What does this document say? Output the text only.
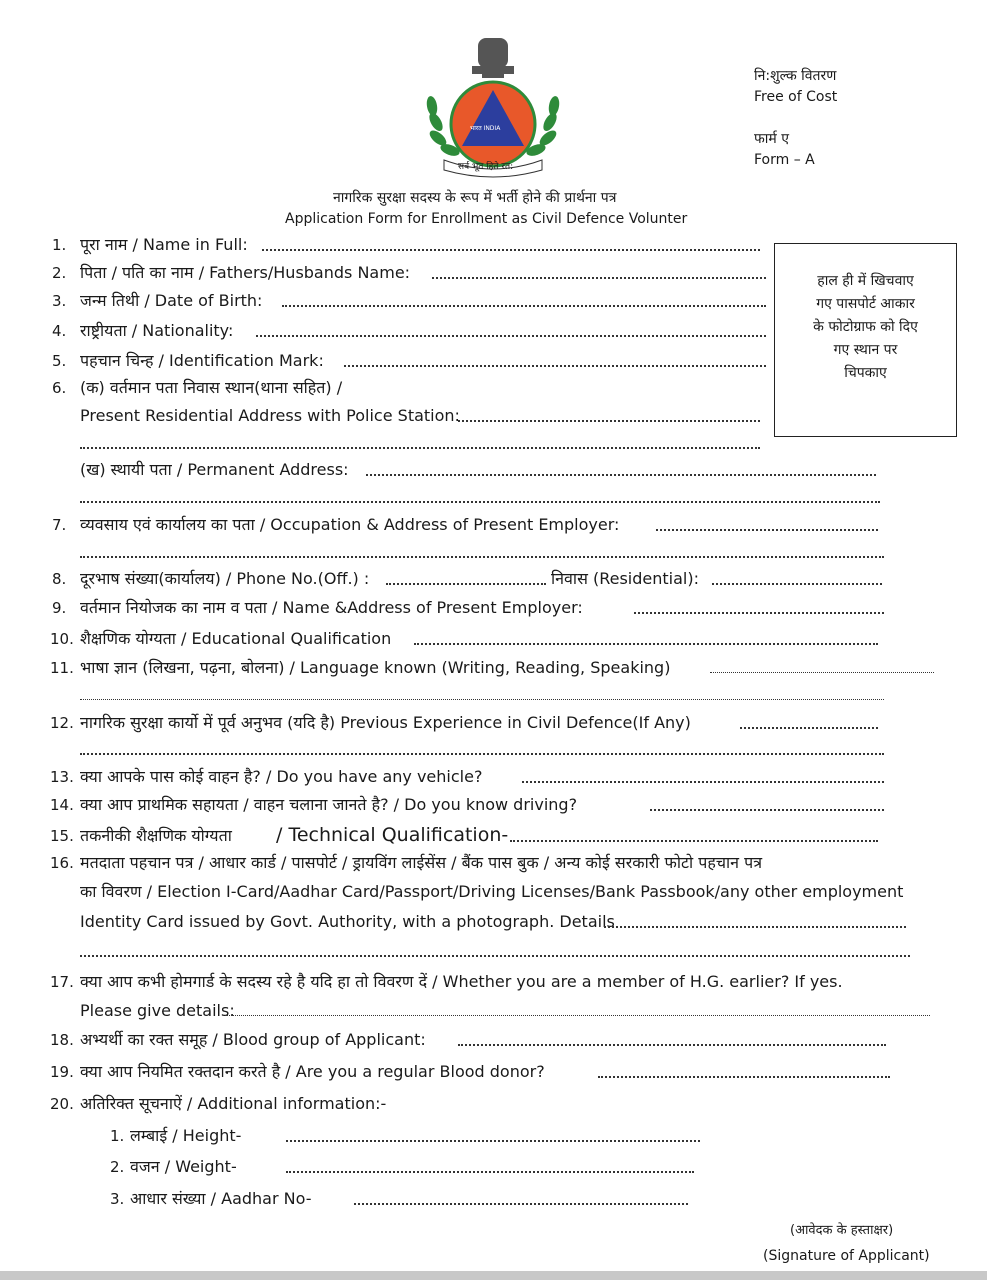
भारत INDIA
सर्व भूत हिते रत:
नि:शुल्क वितरण
Free of Cost
फार्म ए
Form – A
नागरिक सुरक्षा सदस्य के रूप में भर्ती होने की प्रार्थना पत्र
Application Form for Enrollment as Civil Defence Volunter
हाल ही में खिचवाए
गए पासपोर्ट आकार
के फोटोग्राफ को दिए
गए स्थान पर
चिपकाए
1. पूरा नाम / Name in Full:
2. पिता / पति का नाम / Fathers/Husbands Name:
3. जन्म तिथी / Date of Birth:
4. राष्ट्रीयता / Nationality:
5. पहचान चिन्ह / Identification Mark:
6. (क) वर्तमान पता निवास स्थान(थाना सहित) /
Present Residential Address with Police Station:
(ख) स्थायी पता / Permanent Address:
7. व्यवसाय एवं कार्यालय का पता / Occupation & Address of Present Employer:
8. दूरभाष संख्या(कार्यालय) / Phone No.(Off.) :	निवास (Residential):
9. वर्तमान नियोजक का नाम व पता / Name &Address of Present Employer:
10. शैक्षणिक योग्यता / Educational Qualification
11. भाषा ज्ञान (लिखना, पढ़ना, बोलना) / Language known (Writing, Reading, Speaking)
12. नागरिक सुरक्षा कार्यो में पूर्व अनुभव (यदि है) Previous Experience in Civil Defence(If Any)
13. क्या आपके पास कोई वाहन है? / Do you have any vehicle?
14. क्या आप प्राथमिक सहायता / वाहन चलाना जानते है? / Do you know driving?
15. तकनीकी शैक्षणिक योग्यता / Technical Qualification-
16. मतदाता पहचान पत्र / आधार कार्ड / पासपोर्ट / ड्रायविंग लाईसेंस / बैंक पास बुक / अन्य कोई सरकारी फोटो पहचान पत्र
का विवरण / Election I-Card/Aadhar Card/Passport/Driving Licenses/Bank Passbook/any other employment
Identity Card issued by Govt. Authority, with a photograph. Details
17. क्या आप कभी होमगार्ड के सदस्य रहे है यदि हा तो विवरण दें / Whether you are a member of H.G. earlier? If yes.
Please give details:
18. अभ्यर्थी का रक्त समूह / Blood group of Applicant:
19. क्या आप नियमित रक्तदान करते है / Are you a regular Blood donor?
20. अतिरिक्त सूचनाऐं / Additional information:-
1. लम्बाई / Height-
2. वजन / Weight-
3. आधार संख्या / Aadhar No-
(आवेदक के हस्ताक्षर)
(Signature of Applicant)
